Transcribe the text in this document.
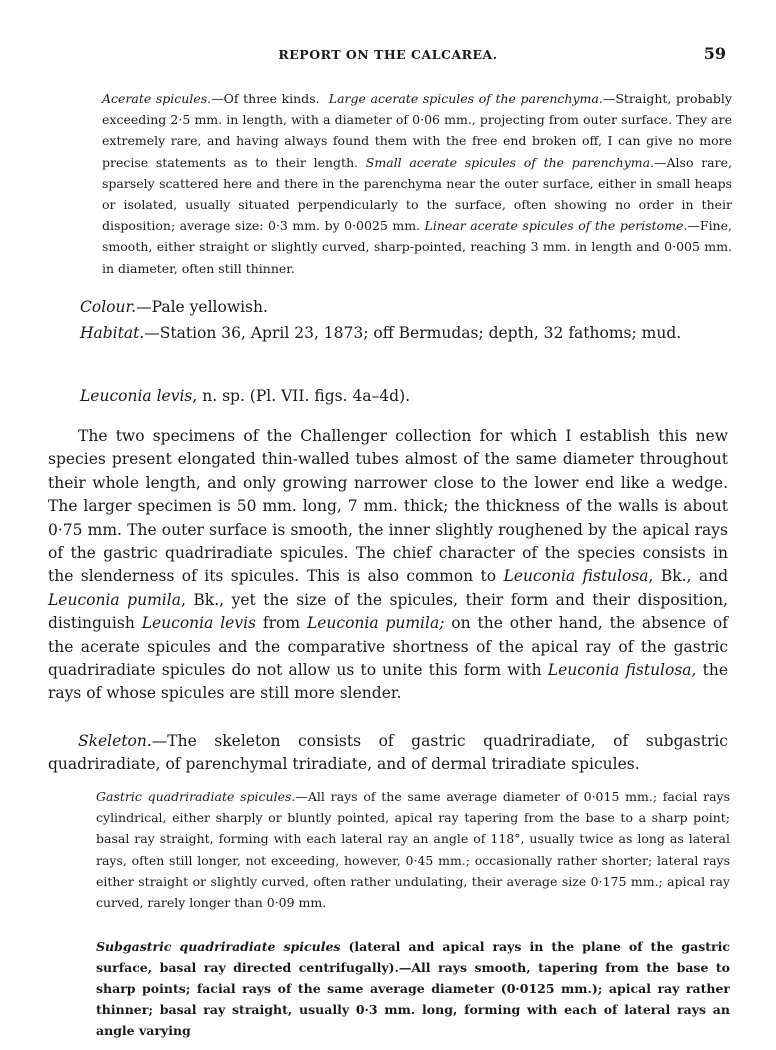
REPORT ON THE CALCAREA.	59

Acerate spicules.—Of three kinds. Large acerate spicules of the parenchyma.—Straight, probably exceeding 2·5 mm. in length, with a diameter of 0·06 mm., projecting from outer surface. They are extremely rare, and having always found them with the free end broken off, I can give no more precise statements as to their length. Small acerate spicules of the parenchyma.—Also rare, sparsely scattered here and there in the parenchyma near the outer surface, either in small heaps or isolated, usually situated perpendicularly to the surface, often showing no order in their disposition; average size: 0·3 mm. by 0·0025 mm. Linear acerate spicules of the peristome.—Fine, smooth, either straight or slightly curved, sharp-pointed, reaching 3 mm. in length and 0·005 mm. in diameter, often still thinner.

Colour.—Pale yellowish.

Habitat.—Station 36, April 23, 1873; off Bermudas; depth, 32 fathoms; mud.

Leuconia levis, n. sp. (Pl. VII. figs. 4a–4d).

The two specimens of the Challenger collection for which I establish this new species present elongated thin-walled tubes almost of the same diameter throughout their whole length, and only growing narrower close to the lower end like a wedge. The larger specimen is 50 mm. long, 7 mm. thick; the thickness of the walls is about 0·75 mm. The outer surface is smooth, the inner slightly roughened by the apical rays of the gastric quadriradiate spicules. The chief character of the species consists in the slenderness of its spicules. This is also common to Leuconia fistulosa, Bk., and Leuconia pumila, Bk., yet the size of the spicules, their form and their disposition, distinguish Leuconia levis from Leuconia pumila; on the other hand, the absence of the acerate spicules and the comparative shortness of the apical ray of the gastric quadriradiate spicules do not allow us to unite this form with Leuconia fistulosa, the rays of whose spicules are still more slender.

Skeleton.—The skeleton consists of gastric quadriradiate, of subgastric quadriradiate, of parenchymal triradiate, and of dermal triradiate spicules.

Gastric quadriradiate spicules.—All rays of the same average diameter of 0·015 mm.; facial rays cylindrical, either sharply or bluntly pointed, apical ray tapering from the base to a sharp point; basal ray straight, forming with each lateral ray an angle of 118°, usually twice as long as lateral rays, often still longer, not exceeding, however, 0·45 mm.; occasionally rather shorter; lateral rays either straight or slightly curved, often rather undulating, their average size 0·175 mm.; apical ray curved, rarely longer than 0·09 mm.

Subgastric quadriradiate spicules (lateral and apical rays in the plane of the gastric surface, basal ray directed centrifugally).—All rays smooth, tapering from the base to sharp points; facial rays of the same average diameter (0·0125 mm.); apical ray rather thinner; basal ray straight, usually 0·3 mm. long, forming with each of lateral rays an angle varying
